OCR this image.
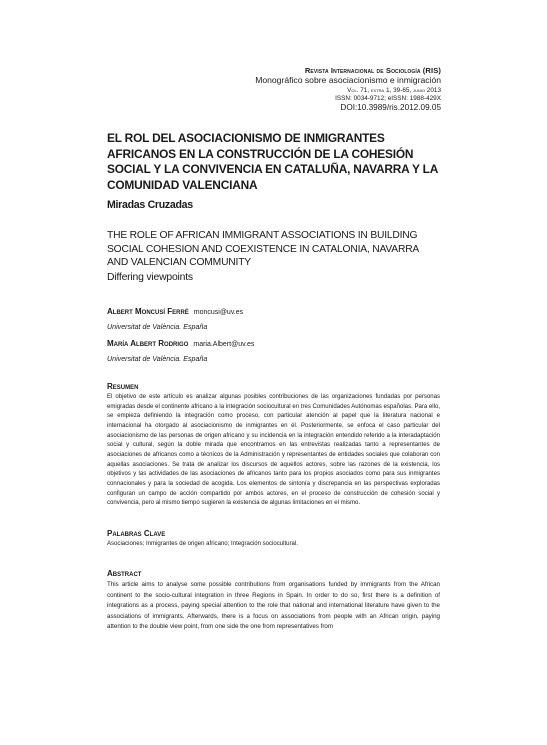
Revista Internacional de Sociología (RIS)
Monográfico sobre asociacionismo e inmigración
Vol. 71, extra 1, 39-65, junio 2013
ISSN: 0034-9712; eISSN: 1988-429X
DOI:10.3989/ris.2012.09.05
EL ROL DEL ASOCIACIONISMO DE INMIGRANTES AFRICANOS EN LA CONSTRUCCIÓN DE LA COHESIÓN SOCIAL Y LA CONVIVENCIA EN CATALUÑA, NAVARRA Y LA COMUNIDAD VALENCIANA
Miradas Cruzadas
THE ROLE OF AFRICAN IMMIGRANT ASSOCIATIONS IN BUILDING SOCIAL COHESION AND COEXISTENCE IN CATALONIA, NAVARRA AND VALENCIAN COMMUNITY
Differing viewpoints
Albert Moncusí Ferré moncusi@uv.es
Universitat de València. España
María Albert Rodrigo maria.Albert@uv.es
Universitat de València. España
Resumen
El objetivo de este artículo es analizar algunas posibles contribuciones de las organizaciones fundadas por personas emigradas desde el continente africano a la integración sociocultural en tres Comunidades Autónomas españolas. Para ello, se empieza definiendo la integración como proceso, con particular atención al papel que la literatura nacional e internacional ha otorgado al asociacionismo de inmigrantes en él. Posteriormente, se enfoca el caso particular del asociacionismo de las personas de origen africano y su incidencia en la integración entendido referido a la interadaptación social y cultural, según la doble mirada que encontramos en las entrevistas realizadas tanto a representantes de asociaciones de africanos como a técnicos de la Administración y representantes de entidades sociales que colaboran con aquellas asociaciones. Se trata de analizar los discursos de aquellos actores, sobre las razones de la existencia, los objetivos y las actividades de las asociaciones de africanos tanto para los propios asociados como para sus inmigrantes connacionales y para la sociedad de acogida. Los elementos de sintonía y discrepancia en las perspectivas exploradas configuran un campo de acción compartido por ambos actores, en el proceso de construcción de cohesión social y convivencia, pero al mismo tiempo sugieren la existencia de algunas limitaciones en el mismo.
Palabras Clave
Asociaciones; Inmigrantes de origen africano; Integración sociocultural.
Abstract
This article aims to analyse some possible contributions from organisations funded by immigrants from the African continent to the socio-cultural integration in three Regions in Spain. In order to do so, first there is a definition of integrations as a process, paying special attention to the role that national and international literature have given to the associations of immigrants. Afterwards, there is a focus on associations from people with an African origin, paying attention to the double view point, from one side the one from representatives from
